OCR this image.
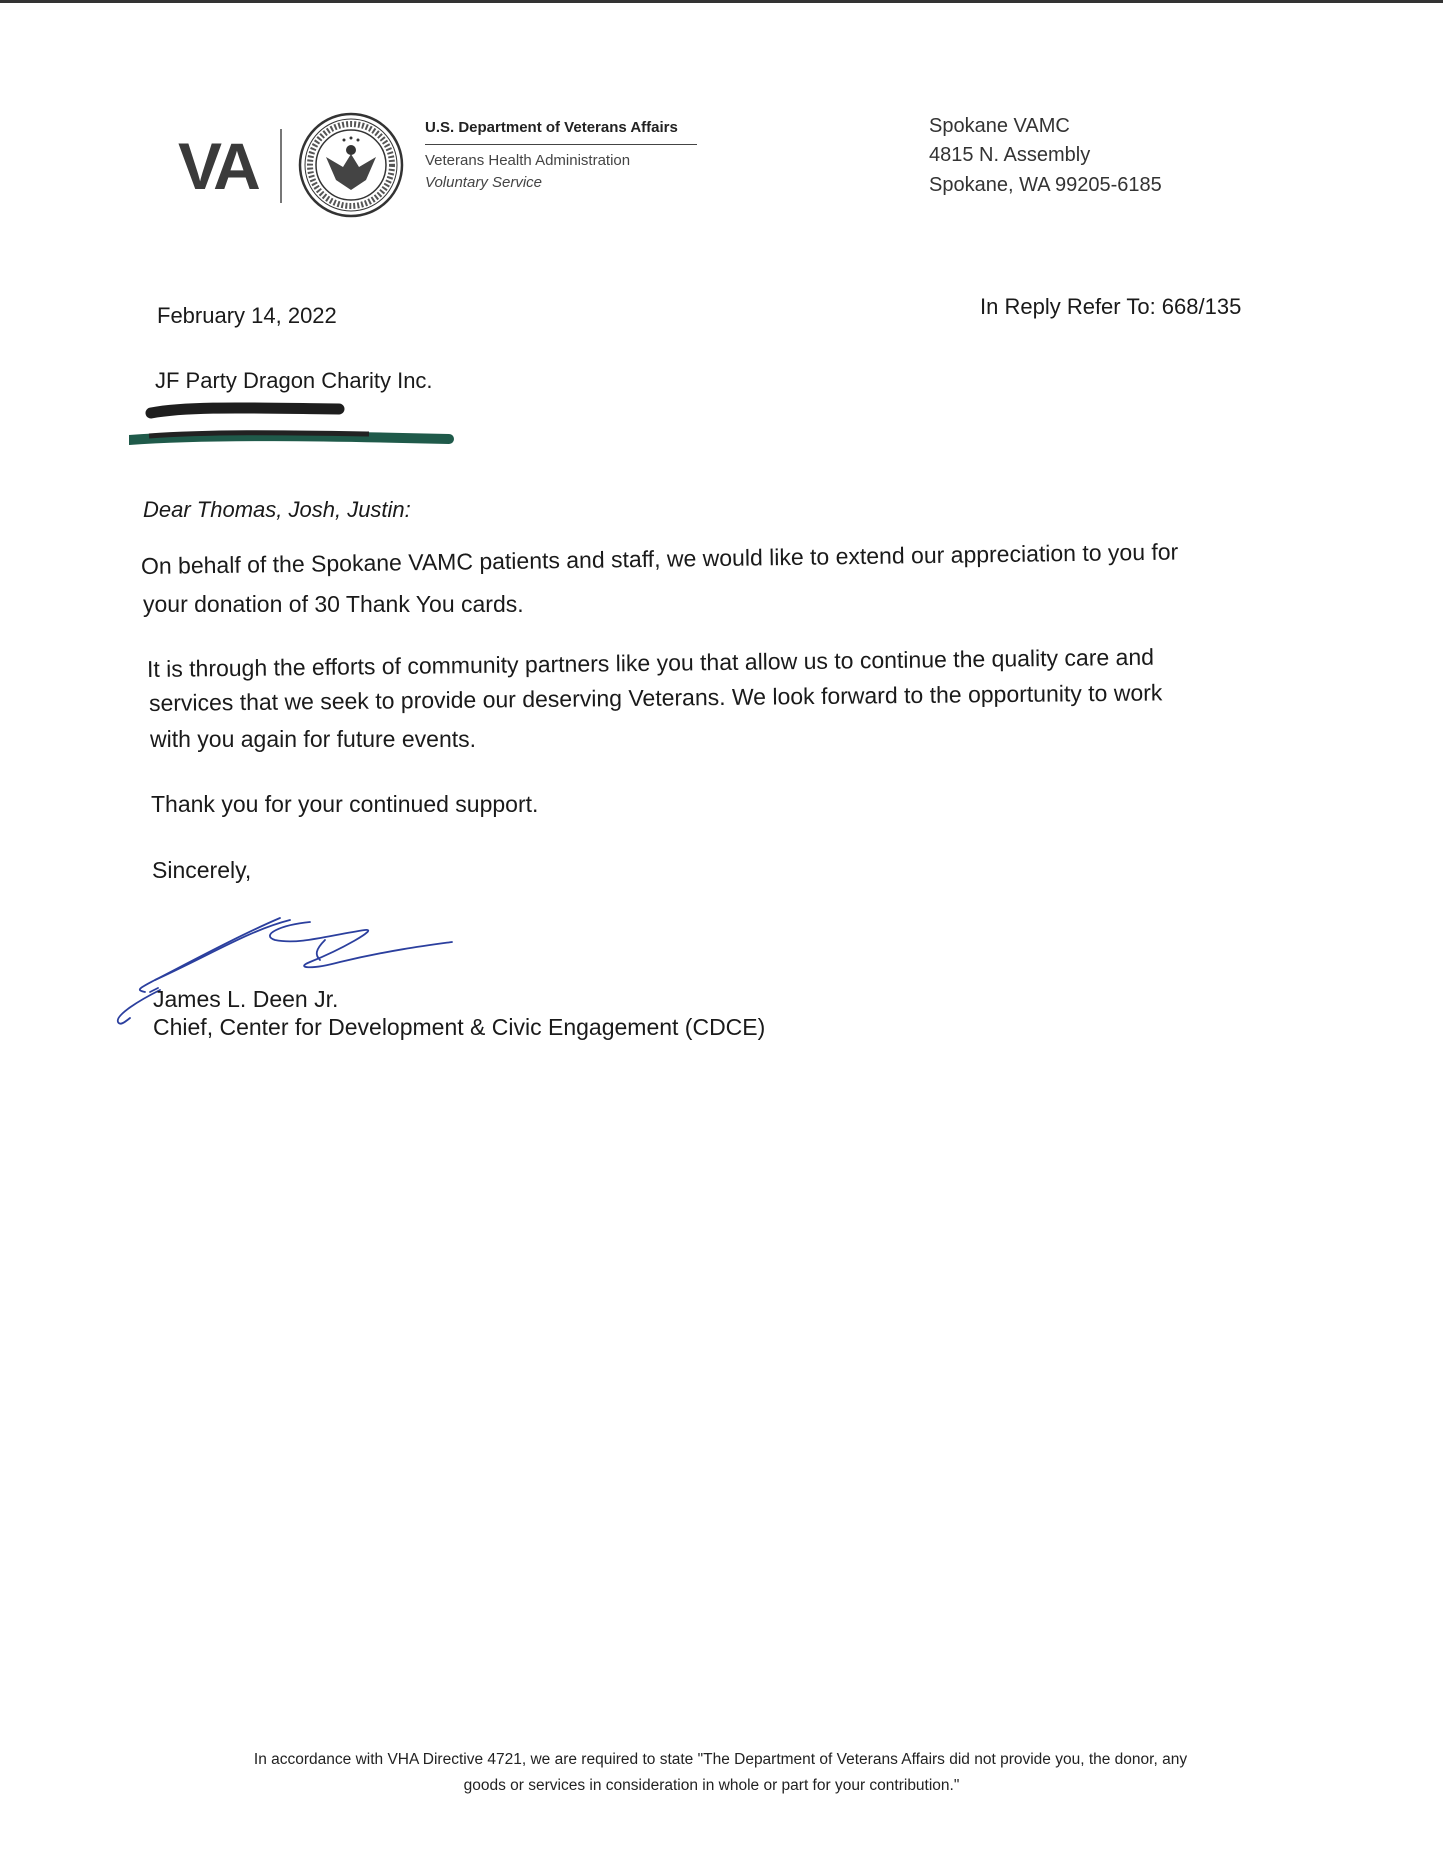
VA
U.S. Department of Veterans Affairs
Veterans Health Administration
Voluntary Service
Spokane VAMC
4815 N. Assembly
Spokane, WA 99205-6185
February 14, 2022	In Reply Refer To: 668/135
JF Party Dragon Charity Inc.
Dear Thomas, Josh, Justin:
On behalf of the Spokane VAMC patients and staff, we would like to extend our appreciation to you for
your donation of 30 Thank You cards.
It is through the efforts of community partners like you that allow us to continue the quality care and
services that we seek to provide our deserving Veterans. We look forward to the opportunity to work
with you again for future events.
Thank you for your continued support.
Sincerely,
James L. Deen Jr.
Chief, Center for Development & Civic Engagement (CDCE)
In accordance with VHA Directive 4721, we are required to state "The Department of Veterans Affairs did not provide you, the donor, any
goods or services in consideration in whole or part for your contribution."
